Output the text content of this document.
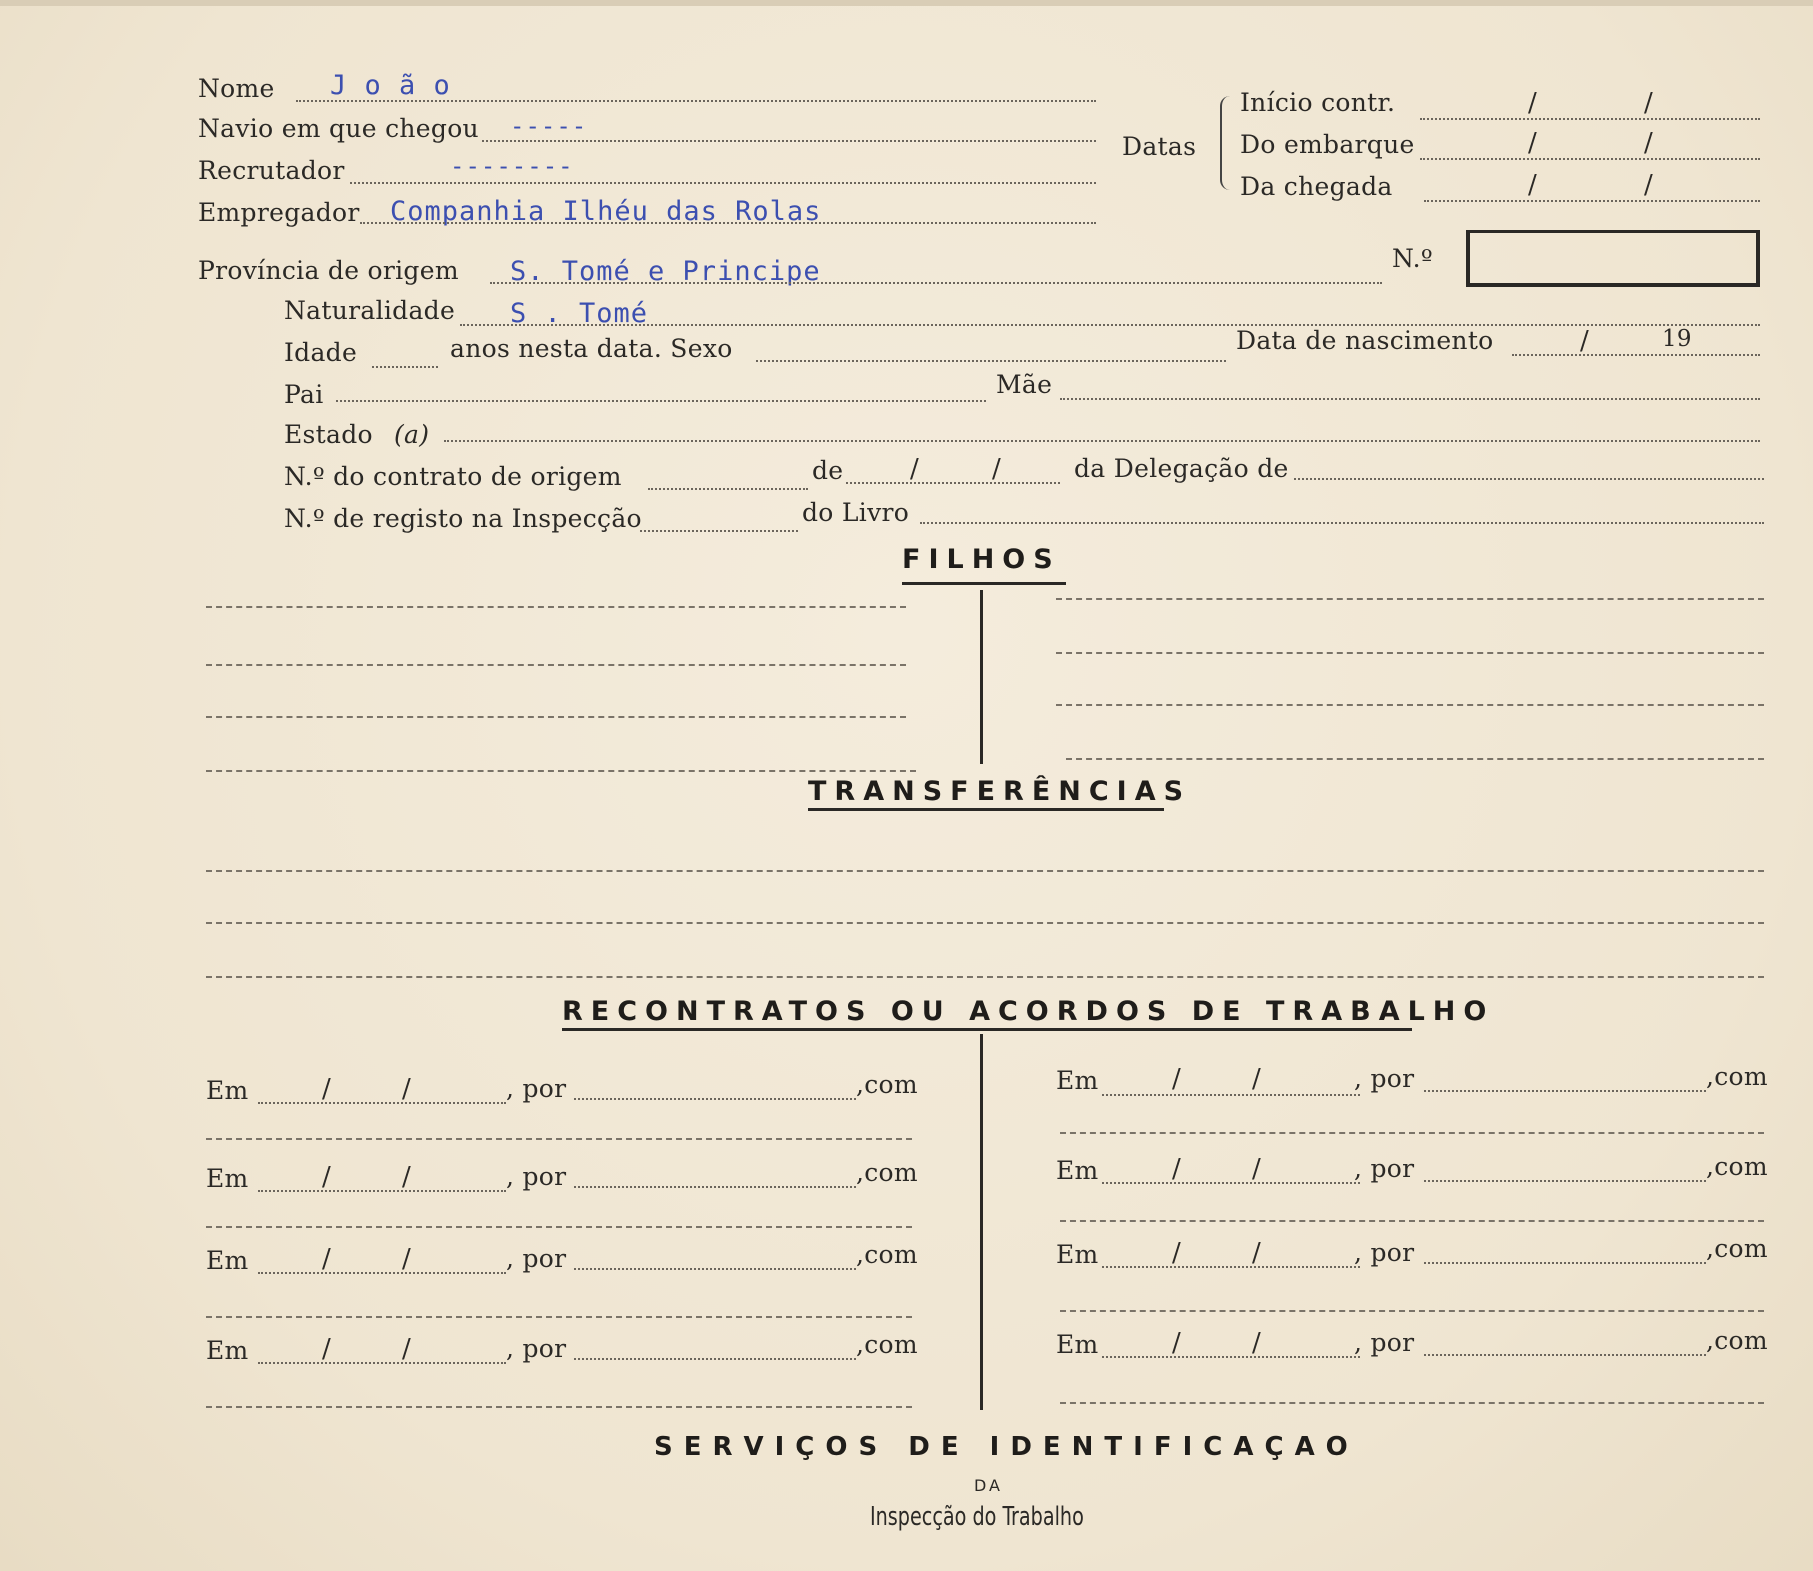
Nome J o ã o
Navio em que chegou -----
Recrutador	--------
Empregador Companhia Ilhéu das Rolas
Datas
Início contr.	/	/
Do embarque	/	/
Da chegada	/	/
N.º
Província de origem S. Tomé e Principe
Naturalidade S . Tomé
Idade	anos nesta data. Sexo	Data de nascimento	/	19
Pai	Mãe
Estado (a)
N.º do contrato de origem	de	/	/	da Delegação de
N.º de registo na Inspecção	do Livro
FILHOS
TRANSFERÊNCIAS
RECONTRATOS OU ACORDOS DE TRABALHO
Em	/	/	, por	,com
Em	/	/	, por	,com
Em	/	/	, por	,com
Em	/	/	, por	,com
Em	/	/	, por	,com
Em	/	/	, por	,com
Em	/	/	, por	,com
Em	/	/	, por	,com
SERVIÇOS DE IDENTIFICAÇAO
DA
Inspecção do Trabalho
